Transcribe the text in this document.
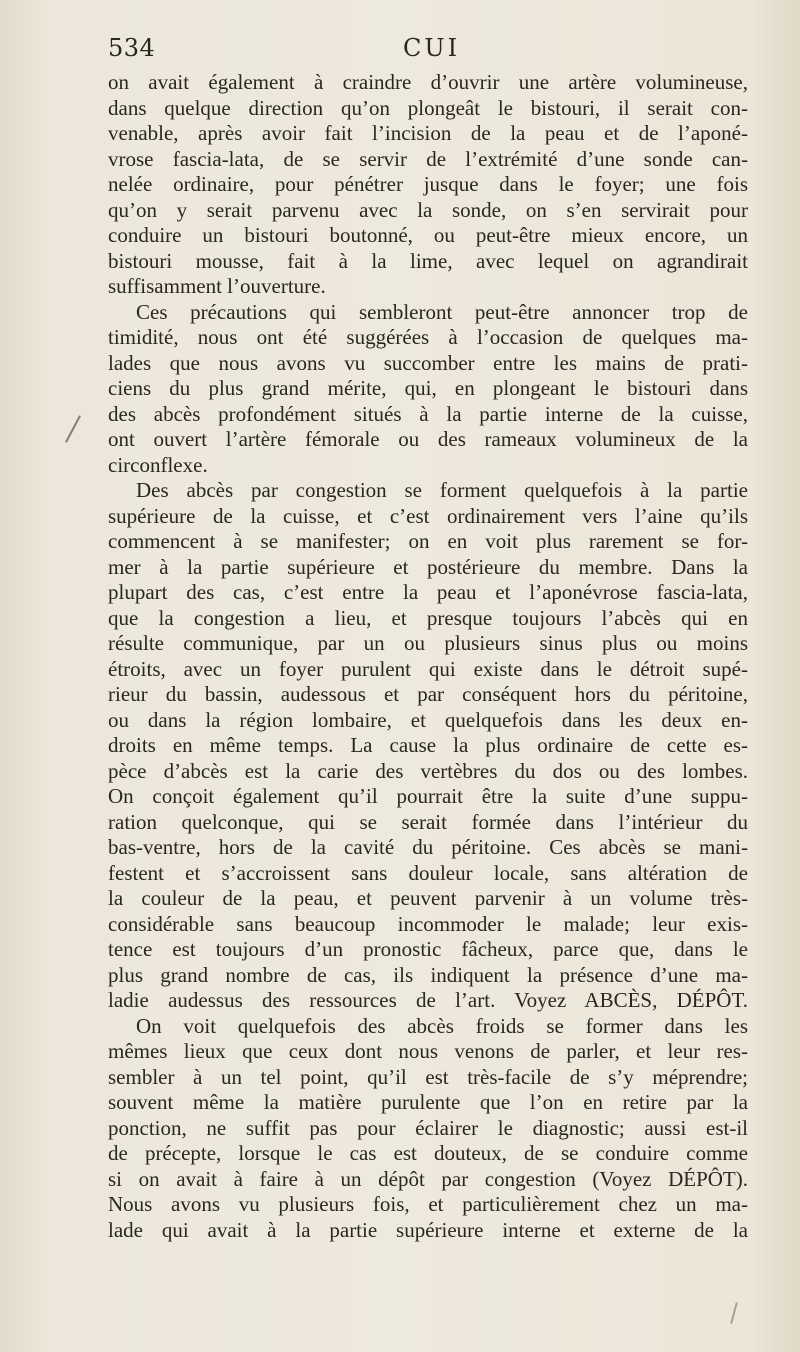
534	CUI
on avait également à craindre d’ouvrir une artère volumineuse,
dans quelque direction qu’on plongeât le bistouri, il serait con-
venable, après avoir fait l’incision de la peau et de l’aponé-
vrose fascia-lata, de se servir de l’extrémité d’une sonde can-
nelée ordinaire, pour pénétrer jusque dans le foyer; une fois
qu’on y serait parvenu avec la sonde, on s’en servirait pour
conduire un bistouri boutonné, ou peut-être mieux encore, un
bistouri mousse, fait à la lime, avec lequel on agrandirait
suffisamment l’ouverture.
Ces précautions qui sembleront peut-être annoncer trop de
timidité, nous ont été suggérées à l’occasion de quelques ma-
lades que nous avons vu succomber entre les mains de prati-
ciens du plus grand mérite, qui, en plongeant le bistouri dans
des abcès profondément situés à la partie interne de la cuisse,
ont ouvert l’artère fémorale ou des rameaux volumineux de la
circonflexe.
Des abcès par congestion se forment quelquefois à la partie
supérieure de la cuisse, et c’est ordinairement vers l’aine qu’ils
commencent à se manifester; on en voit plus rarement se for-
mer à la partie supérieure et postérieure du membre. Dans la
plupart des cas, c’est entre la peau et l’aponévrose fascia-lata,
que la congestion a lieu, et presque toujours l’abcès qui en
résulte communique, par un ou plusieurs sinus plus ou moins
étroits, avec un foyer purulent qui existe dans le détroit supé-
rieur du bassin, audessous et par conséquent hors du péritoine,
ou dans la région lombaire, et quelquefois dans les deux en-
droits en même temps. La cause la plus ordinaire de cette es-
pèce d’abcès est la carie des vertèbres du dos ou des lombes.
On conçoit également qu’il pourrait être la suite d’une suppu-
ration quelconque, qui se serait formée dans l’intérieur du
bas-ventre, hors de la cavité du péritoine. Ces abcès se mani-
festent et s’accroissent sans douleur locale, sans altération de
la couleur de la peau, et peuvent parvenir à un volume très-
considérable sans beaucoup incommoder le malade; leur exis-
tence est toujours d’un pronostic fâcheux, parce que, dans le
plus grand nombre de cas, ils indiquent la présence d’une ma-
ladie audessus des ressources de l’art. Voyez ABCÈS, DÉPÔT.
On voit quelquefois des abcès froids se former dans les
mêmes lieux que ceux dont nous venons de parler, et leur res-
sembler à un tel point, qu’il est très-facile de s’y méprendre;
souvent même la matière purulente que l’on en retire par la
ponction, ne suffit pas pour éclairer le diagnostic; aussi est-il
de précepte, lorsque le cas est douteux, de se conduire comme
si on avait à faire à un dépôt par congestion (Voyez DÉPÔT).
Nous avons vu plusieurs fois, et particulièrement chez un ma-
lade qui avait à la partie supérieure interne et externe de la
